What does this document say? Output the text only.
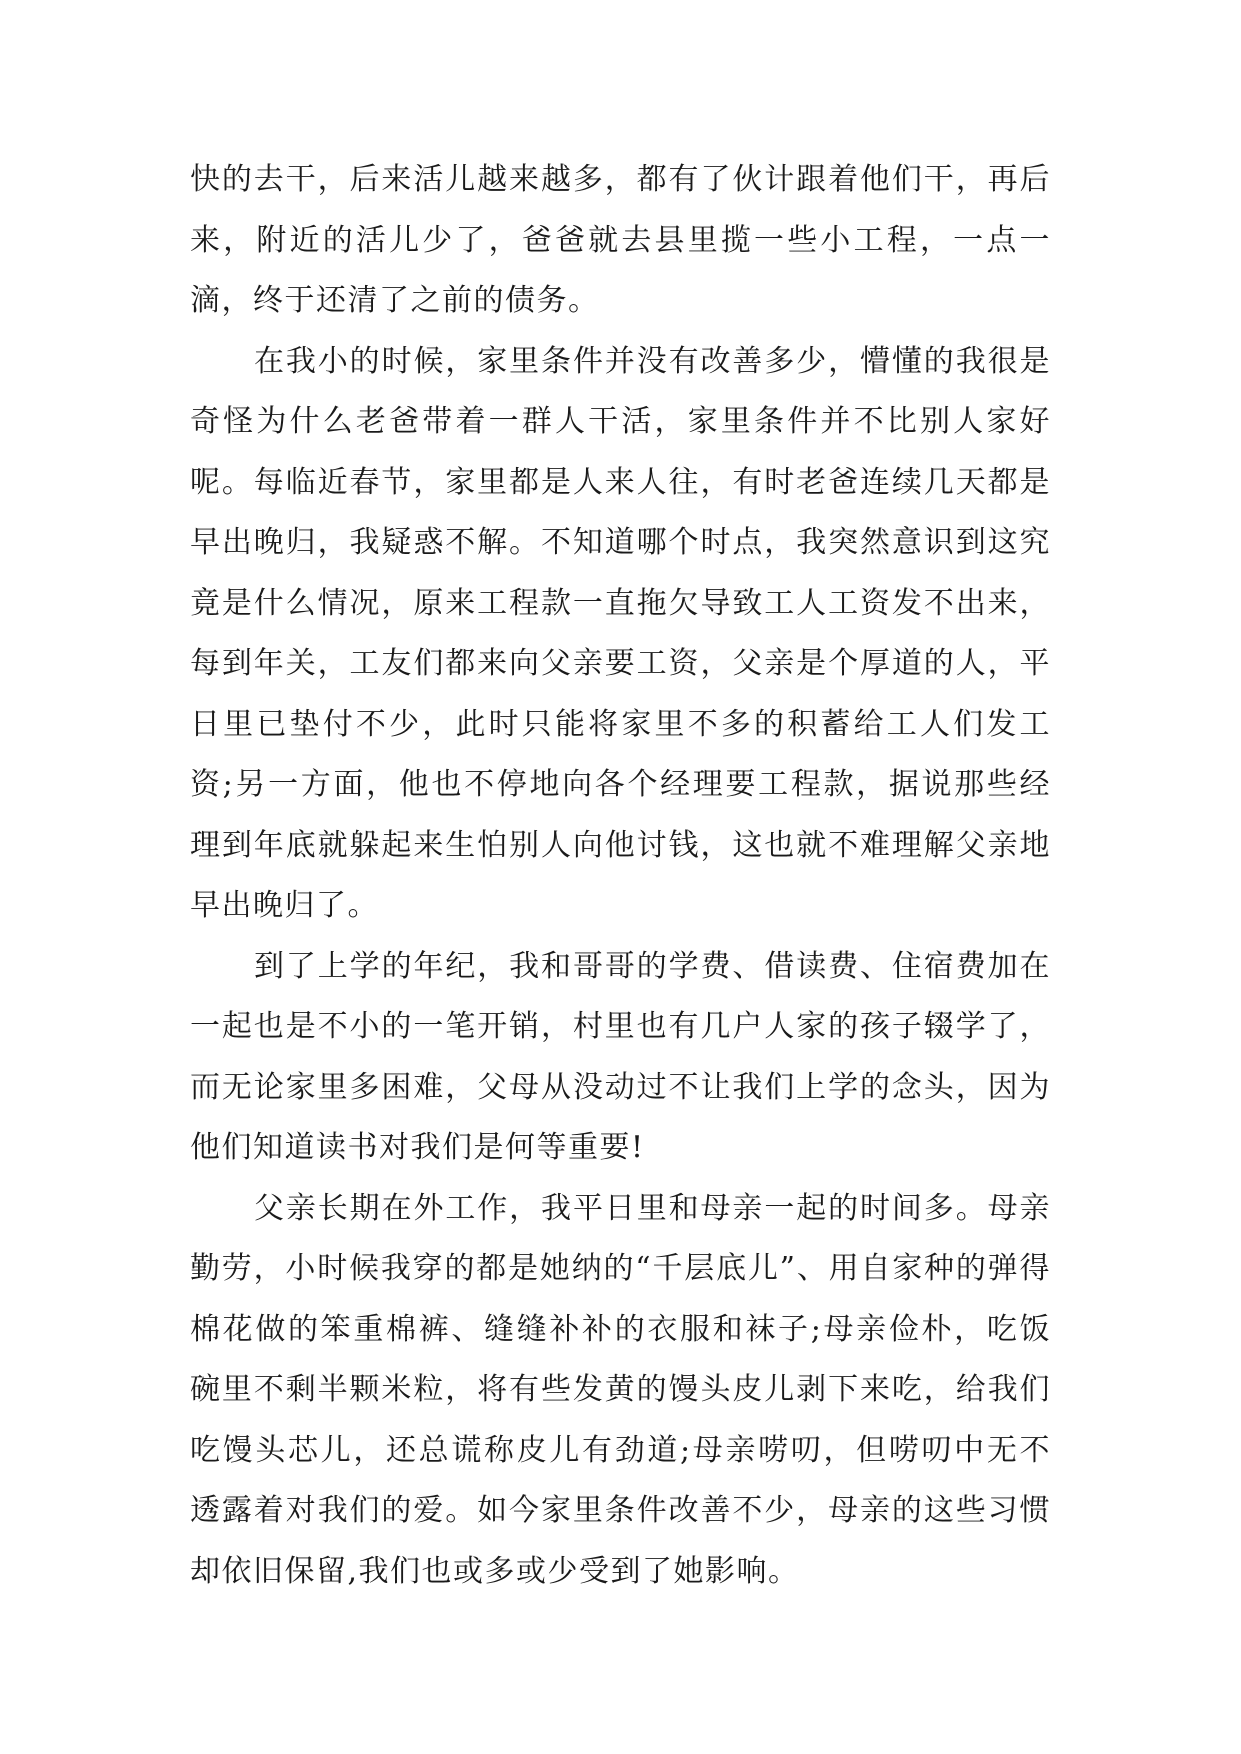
快的去干，后来活儿越来越多，都有了伙计跟着他们干，再后来，附近的活儿少了，爸爸就去县里揽一些小工程，一点一滴，终于还清了之前的债务。

在我小的时候，家里条件并没有改善多少，懵懂的我很是奇怪为什么老爸带着一群人干活，家里条件并不比别人家好呢。每临近春节，家里都是人来人往，有时老爸连续几天都是早出晚归，我疑惑不解。不知道哪个时点，我突然意识到这究竟是什么情况，原来工程款一直拖欠导致工人工资发不出来，每到年关，工友们都来向父亲要工资，父亲是个厚道的人，平日里已垫付不少，此时只能将家里不多的积蓄给工人们发工资;另一方面，他也不停地向各个经理要工程款，据说那些经理到年底就躲起来生怕别人向他讨钱，这也就不难理解父亲地早出晚归了。

到了上学的年纪，我和哥哥的学费、借读费、住宿费加在一起也是不小的一笔开销，村里也有几户人家的孩子辍学了，而无论家里多困难，父母从没动过不让我们上学的念头，因为他们知道读书对我们是何等重要!

父亲长期在外工作，我平日里和母亲一起的时间多。母亲勤劳，小时候我穿的都是她纳的“千层底儿”、用自家种的弹得棉花做的笨重棉裤、缝缝补补的衣服和袜子;母亲俭朴，吃饭碗里不剩半颗米粒，将有些发黄的馒头皮儿剥下来吃，给我们吃馒头芯儿，还总谎称皮儿有劲道;母亲唠叨，但唠叨中无不透露着对我们的爱。如今家里条件改善不少，母亲的这些习惯却依旧保留,我们也或多或少受到了她影响。
